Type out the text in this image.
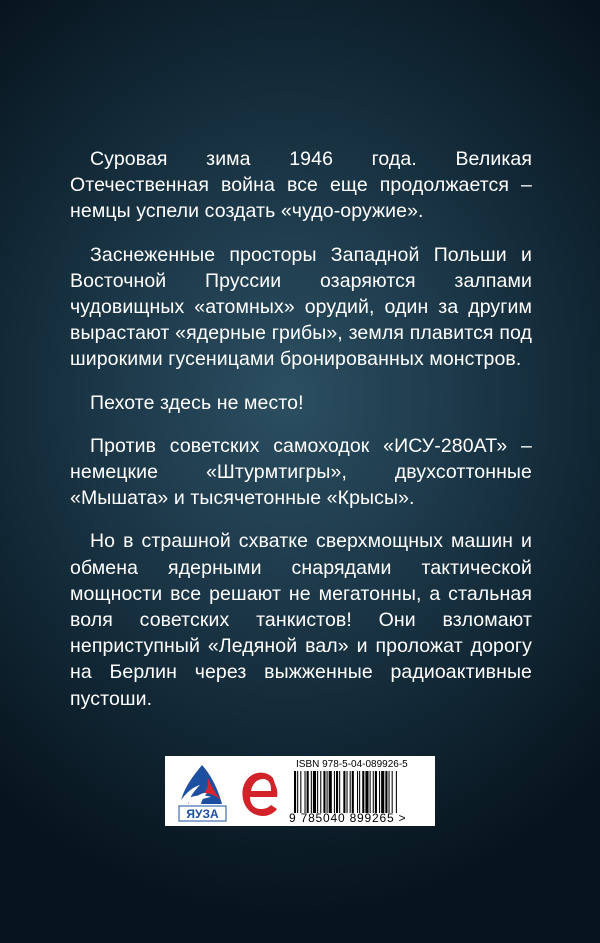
Суровая зима 1946 года. Великая Отечественная война все еще продолжается – немцы успели создать «чудо-оружие».

Заснеженные просторы Западной Польши и Восточной Пруссии озаряются залпами чудовищных «атомных» орудий, один за другим вырастают «ядерные грибы», земля плавится под широкими гусеницами бронированных монстров.

Пехоте здесь не место!

Против советских самоходок «ИСУ-280АТ» – немецкие «Штурмтигры», двухсоттонные «Мышата» и тысячетонные «Крысы».

Но в страшной схватке сверхмощных машин и обмена ядерными снарядами тактической мощности все решают не мегатонны, а стальная воля советских танкистов! Они взломают неприступный «Ледяной вал» и проложат дорогу на Берлин через выжженные радиоактивные пустоши.

ЯУЗА
ISBN 978-5-04-089926-5
9 785040 899265 >
